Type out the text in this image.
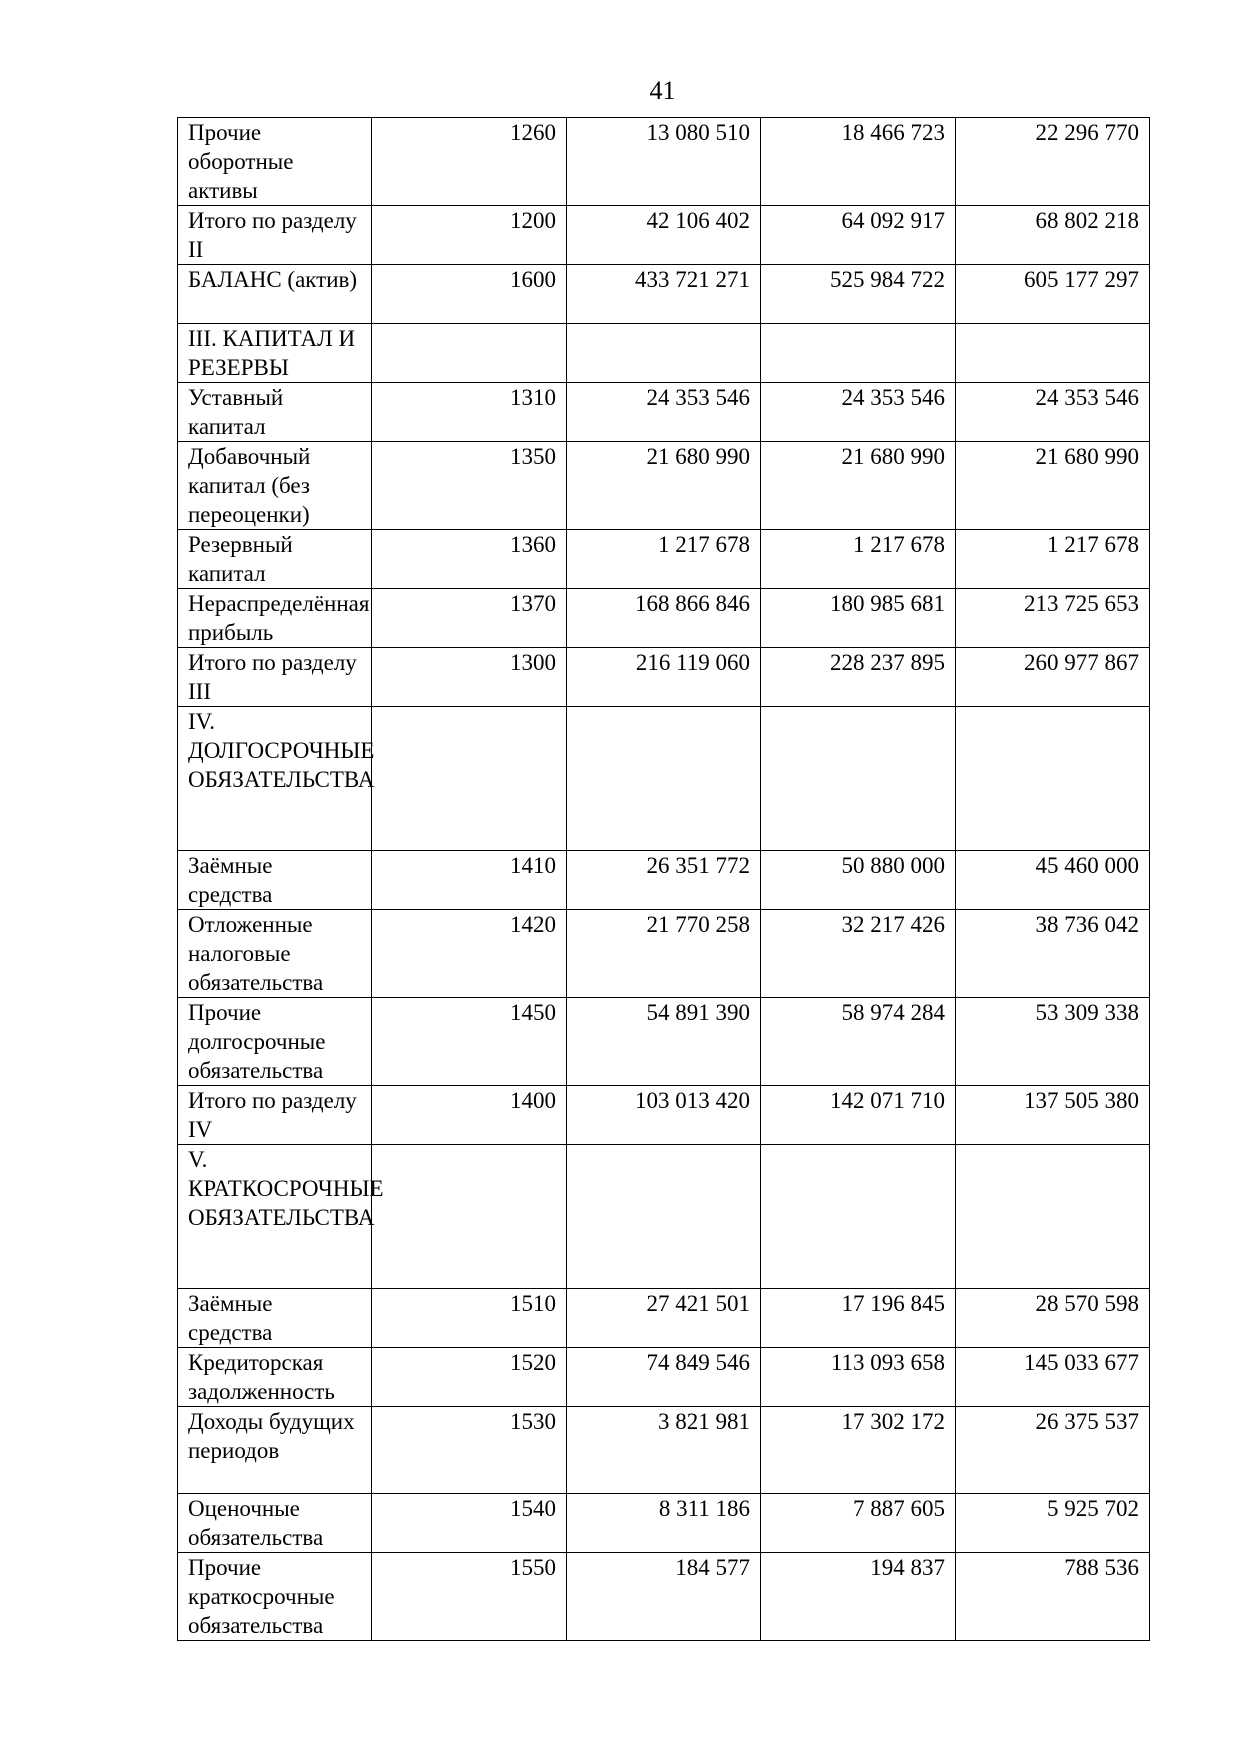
41
Прочие оборотные активы	1260	13 080 510	18 466 723	22 296 770
Итого по разделу II	1200	42 106 402	64 092 917	68 802 218
БАЛАНС (актив)	1600	433 721 271	525 984 722	605 177 297
III. КАПИТАЛ И РЕЗЕРВЫ				
Уставный капитал	1310	24 353 546	24 353 546	24 353 546
Добавочный капитал (без переоценки)	1350	21 680 990	21 680 990	21 680 990
Резервный капитал	1360	1 217 678	1 217 678	1 217 678
Нераспределённая прибыль	1370	168 866 846	180 985 681	213 725 653
Итого по разделу III	1300	216 119 060	228 237 895	260 977 867
IV. ДОЛГОСРОЧНЫЕ ОБЯЗАТЕЛЬСТВА				
Заёмные средства	1410	26 351 772	50 880 000	45 460 000
Отложенные налоговые обязательства	1420	21 770 258	32 217 426	38 736 042
Прочие долгосрочные обязательства	1450	54 891 390	58 974 284	53 309 338
Итого по разделу IV	1400	103 013 420	142 071 710	137 505 380
V. КРАТКОСРОЧНЫЕ ОБЯЗАТЕЛЬСТВА				
Заёмные средства	1510	27 421 501	17 196 845	28 570 598
Кредиторская задолженность	1520	74 849 546	113 093 658	145 033 677
Доходы будущих периодов	1530	3 821 981	17 302 172	26 375 537
Оценочные обязательства	1540	8 311 186	7 887 605	5 925 702
Прочие краткосрочные обязательства	1550	184 577	194 837	788 536
